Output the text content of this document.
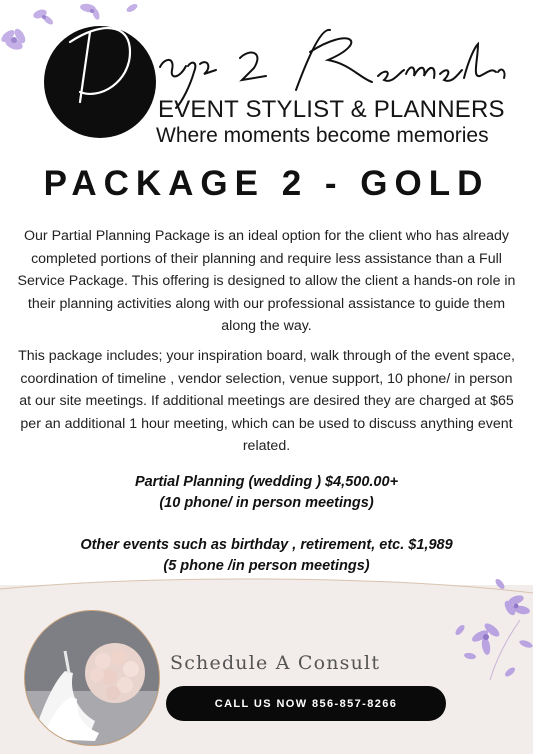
EVENT STYLIST & PLANNERS
Where moments become memories
PACKAGE 2 - GOLD
Our Partial Planning Package is an ideal option for the client who has already completed portions of their planning and require less assistance than a Full Service Package. This offering is designed to allow the client a hands-on role in their planning activities along with our professional assistance to guide them along the way.
This package includes; your inspiration board, walk through of the event space, coordination of timeline , vendor selection, venue support, 10 phone/ in person at our site meetings. If additional meetings are desired they are charged at $65 per an additional 1 hour meeting, which can be used to discuss anything event related.
Partial Planning (wedding ) $4,500.00+
(10 phone/ in person meetings)
Other events such as birthday , retirement, etc. $1,989
(5 phone /in person meetings)
Schedule A Consult
CALL US NOW 856-857-8266
